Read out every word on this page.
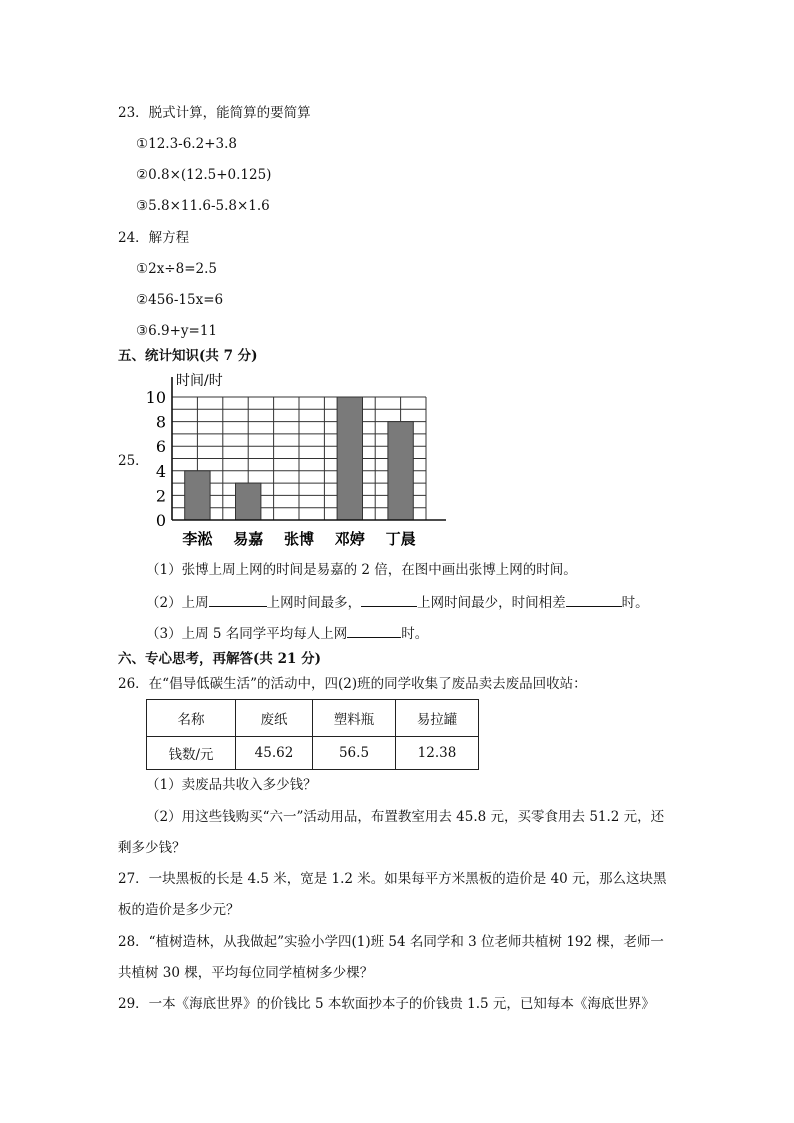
23．脱式计算，能简算的要简算
①12.3-6.2+3.8
②0.8×(12.5+0.125)
③5.8×11.6-5.8×1.6
24．解方程
①2x÷8=2.5
②456-15x=6
③6.9+y=11
五、统计知识(共 7 分)
25．
时间/时
0
2
4
6
8
10
李淞 易嘉 张博 邓婷 丁晨
（1）张博上周上网的时间是易嘉的 2 倍，在图中画出张博上网的时间。
（2）上周	上网时间最多，	上网时间最少，时间相差	时。
（3）上周 5 名同学平均每人上网	时。
六、专心思考，再解答(共 21 分)
26．在“倡导低碳生活”的活动中，四(2)班的同学收集了废品卖去废品回收站：
名称	废纸	塑料瓶	易拉罐
钱数/元	45.62	56.5	12.38
（1）卖废品共收入多少钱？
（2）用这些钱购买“六一”活动用品，布置教室用去 45.8 元，买零食用去 51.2 元，还
剩多少钱？
27．一块黑板的长是 4.5 米，宽是 1.2 米。如果每平方米黑板的造价是 40 元，那么这块黑
板的造价是多少元？
28．“植树造林，从我做起”实验小学四(1)班 54 名同学和 3 位老师共植树 192 棵，老师一
共植树 30 棵，平均每位同学植树多少棵？
29．一本《海底世界》的价钱比 5 本软面抄本子的价钱贵 1.5 元，已知每本《海底世界》
